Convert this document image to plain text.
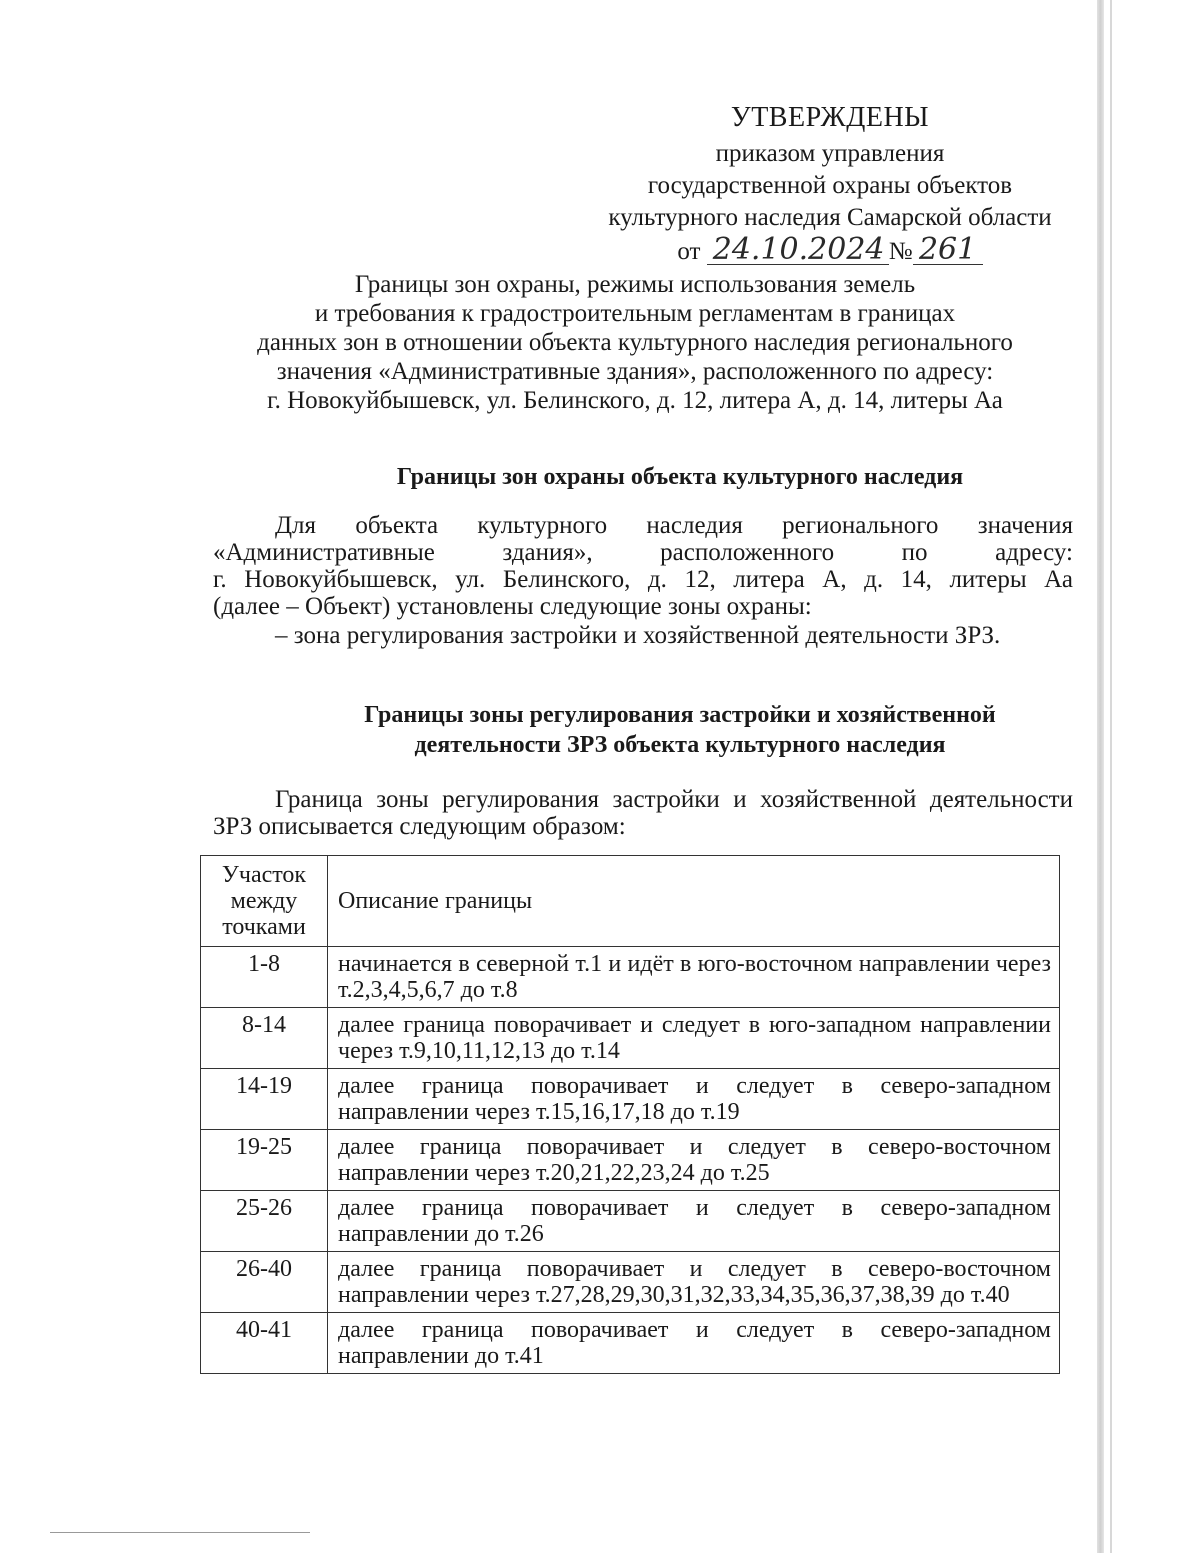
УТВЕРЖДЕНЫ
приказом управления
государственной охраны объектов
культурного наследия Самарской области
от 24.10.2024 № 261
Границы зон охраны, режимы использования земель
и требования к градостроительным регламентам в границах
данных зон в отношении объекта культурного наследия регионального
значения «Административные здания», расположенного по адресу:
г. Новокуйбышевск, ул. Белинского, д. 12, литера А, д. 14, литеры Аа
Границы зон охраны объекта культурного наследия
Для объекта культурного наследия регионального значения
«Административные здания», расположенного по адресу:
г. Новокуйбышевск, ул. Белинского, д. 12, литера А, д. 14, литеры Аа
(далее – Объект) установлены следующие зоны охраны:
– зона регулирования застройки и хозяйственной деятельности ЗРЗ.
Границы зоны регулирования застройки и хозяйственной
деятельности ЗРЗ объекта культурного наследия
Граница зоны регулирования застройки и хозяйственной деятельности
ЗРЗ описывается следующим образом:
Участок между точками	Описание границы
1-8	начинается в северной т.1 и идёт в юго-восточном направлении через т.2,3,4,5,6,7 до т.8
8-14	далее граница поворачивает и следует в юго-западном направлении через т.9,10,11,12,13 до т.14
14-19	далее граница поворачивает и следует в северо-западном направлении через т.15,16,17,18 до т.19
19-25	далее граница поворачивает и следует в северо-восточном направлении через т.20,21,22,23,24 до т.25
25-26	далее граница поворачивает и следует в северо-западном направлении до т.26
26-40	далее граница поворачивает и следует в северо-восточном направлении через т.27,28,29,30,31,32,33,34,35,36,37,38,39 до т.40
40-41	далее граница поворачивает и следует в северо-западном направлении до т.41
